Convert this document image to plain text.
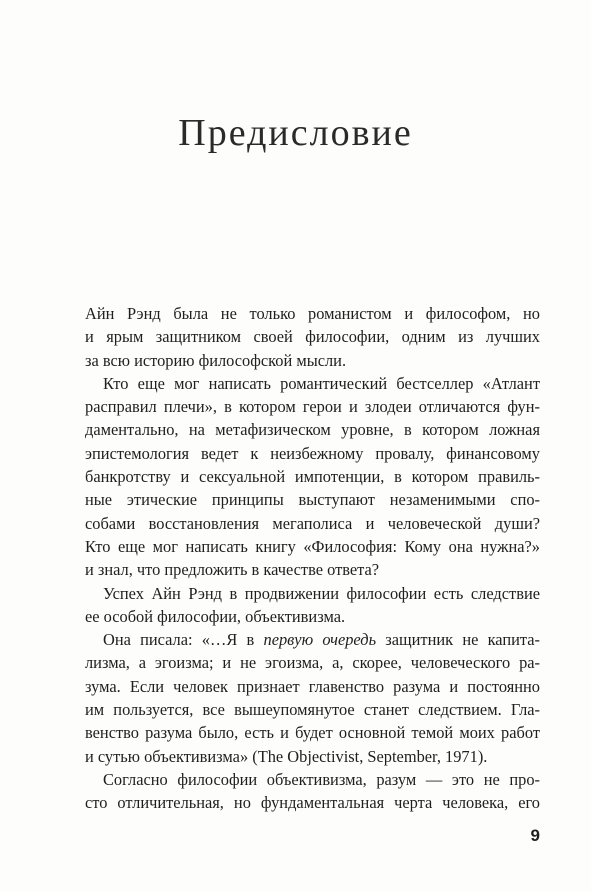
Предисловие

Айн Рэнд была не только романистом и философом, но
и ярым защитником своей философии, одним из лучших
за всю историю философской мысли.

Кто еще мог написать романтический бестселлер «Атлант
расправил плечи», в котором герои и злодеи отличаются фун-
даментально, на метафизическом уровне, в котором ложная
эпистемология ведет к неизбежному провалу, финансовому
банкротству и сексуальной импотенции, в котором правиль-
ные этические принципы выступают незаменимыми спо-
собами восстановления мегаполиса и человеческой души?
Кто еще мог написать книгу «Философия: Кому она нужна?»
и знал, что предложить в качестве ответа?

Успех Айн Рэнд в продвижении философии есть следствие
ее особой философии, объективизма.

Она писала: «…Я в первую очередь защитник не капита-
лизма, а эгоизма; и не эгоизма, а, скорее, человеческого ра-
зума. Если человек признает главенство разума и постоянно
им пользуется, все вышеупомянутое станет следствием. Гла-
венство разума было, есть и будет основной темой моих работ
и сутью объективизма» (The Objectivist, September, 1971).

Согласно философии объективизма, разум — это не про-
сто отличительная, но фундаментальная черта человека, его

9
